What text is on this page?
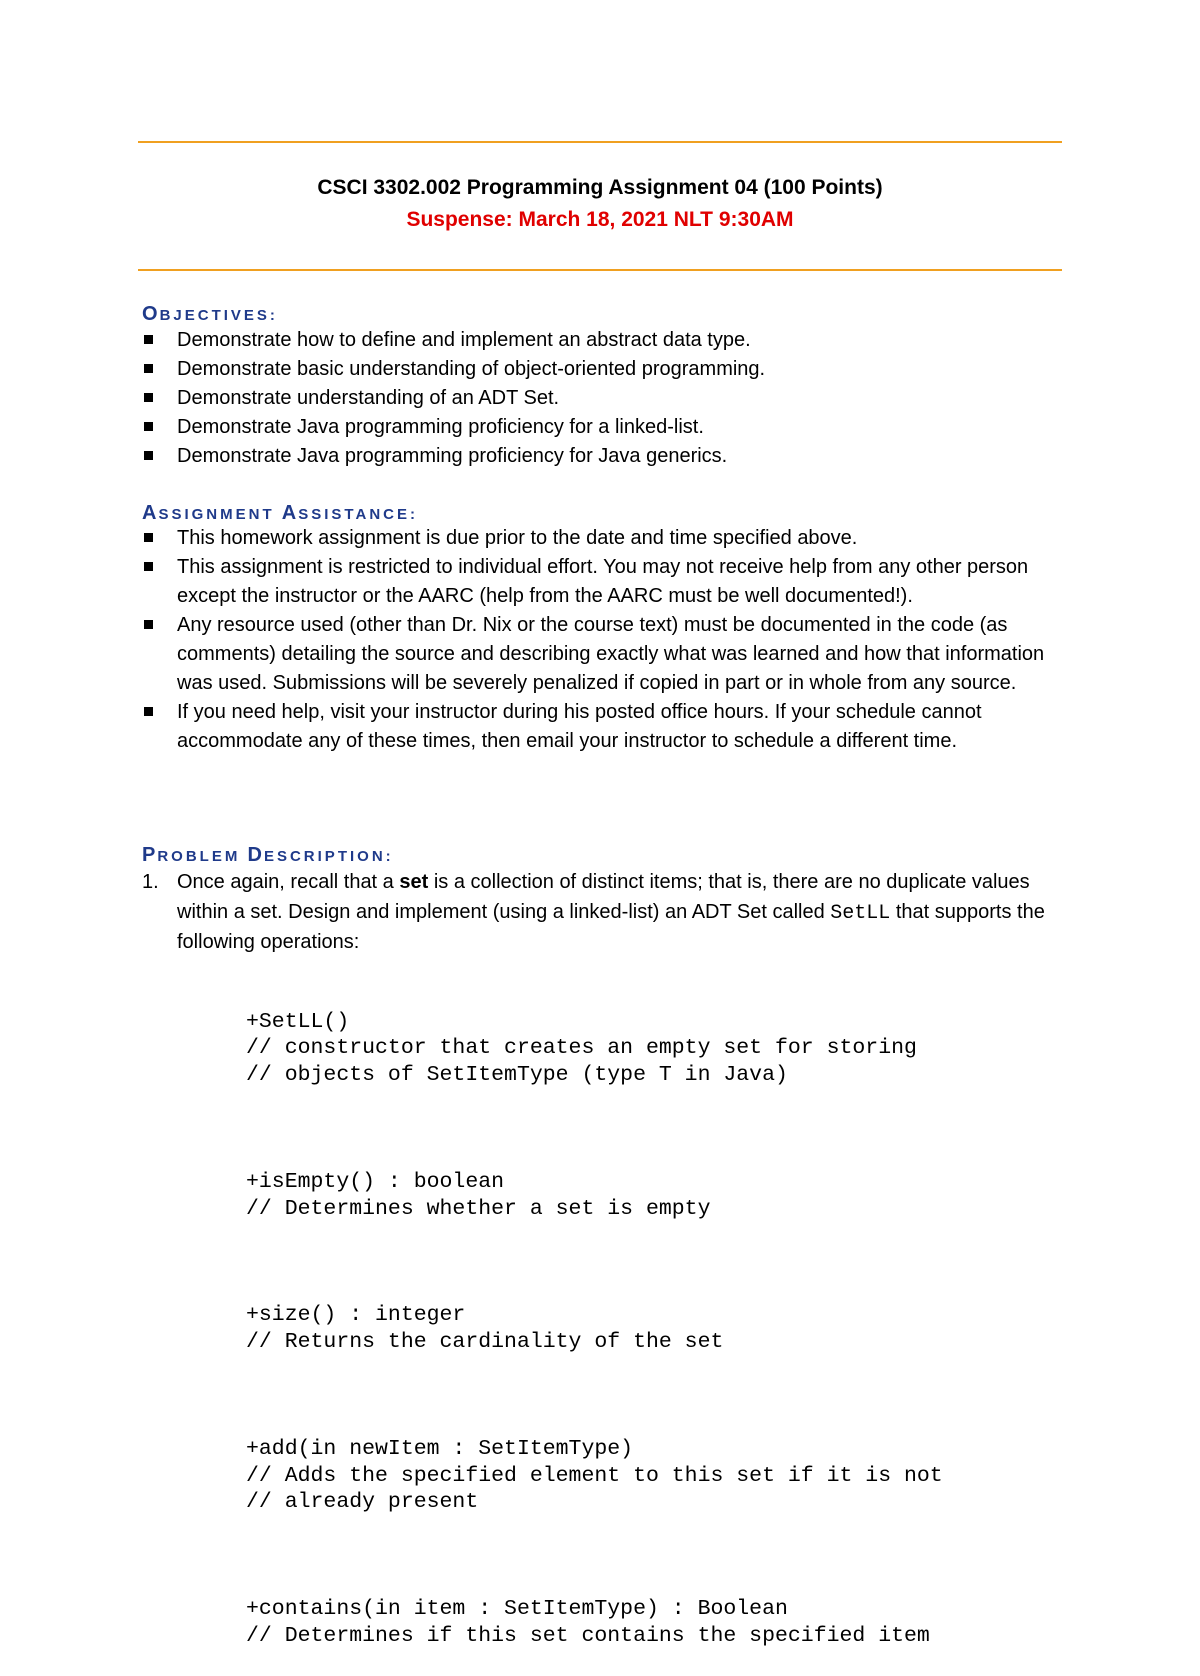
CSCI 3302.002 Programming Assignment 04 (100 Points)
Suspense: March 18, 2021 NLT 9:30AM
OBJECTIVES:
Demonstrate how to define and implement an abstract data type.
Demonstrate basic understanding of object-oriented programming.
Demonstrate understanding of an ADT Set.
Demonstrate Java programming proficiency for a linked-list.
Demonstrate Java programming proficiency for Java generics.
ASSIGNMENT ASSISTANCE:
This homework assignment is due prior to the date and time specified above.
This assignment is restricted to individual effort. You may not receive help from any other person except the instructor or the AARC (help from the AARC must be well documented!).
Any resource used (other than Dr. Nix or the course text) must be documented in the code (as comments) detailing the source and describing exactly what was learned and how that information was used. Submissions will be severely penalized if copied in part or in whole from any source.
If you need help, visit your instructor during his posted office hours. If your schedule cannot accommodate any of these times, then email your instructor to schedule a different time.
PROBLEM DESCRIPTION:
1. Once again, recall that a set is a collection of distinct items; that is, there are no duplicate values within a set. Design and implement (using a linked-list) an ADT Set called SetLL that supports the following operations:

+SetLL()
// constructor that creates an empty set for storing
// objects of SetItemType (type T in Java)

+isEmpty() : boolean
// Determines whether a set is empty

+size() : integer
// Returns the cardinality of the set

+add(in newItem : SetItemType)
// Adds the specified element to this set if it is not
// already present

+contains(in item : SetItemType) : Boolean
// Determines if this set contains the specified item
